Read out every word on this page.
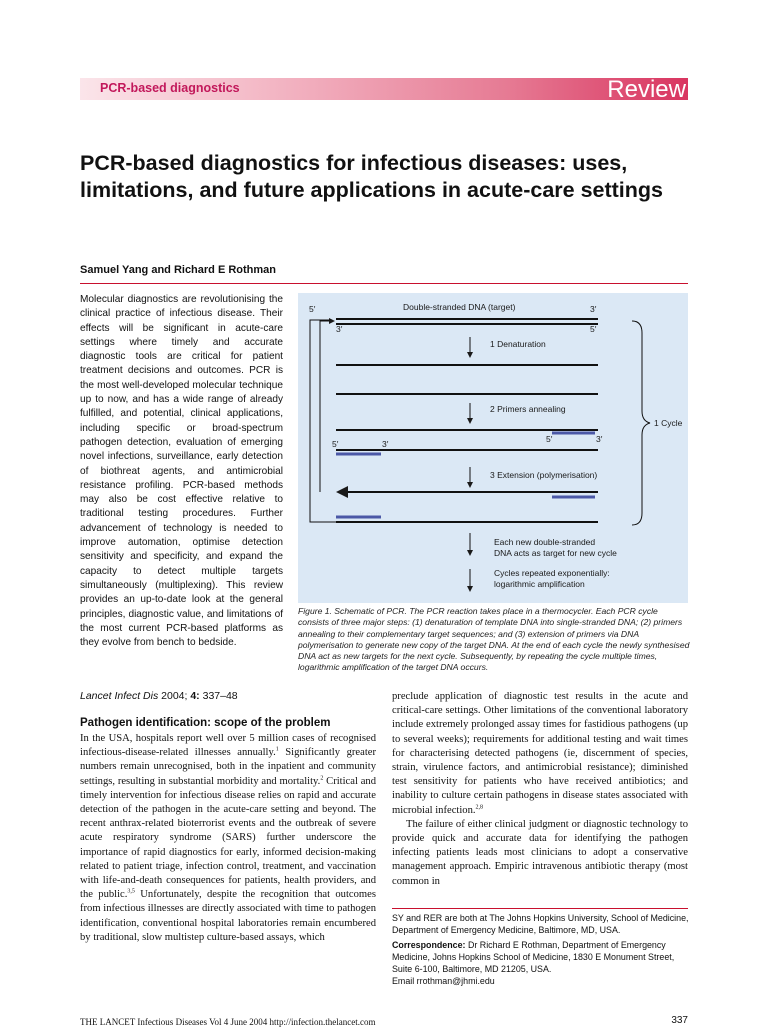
PCR-based diagnostics	Review
PCR-based diagnostics for infectious diseases: uses, limitations, and future applications in acute-care settings
Samuel Yang and Richard E Rothman

Molecular diagnostics are revolutionising the clinical practice of infectious disease. Their effects will be significant in acute-care settings where timely and accurate diagnostic tools are critical for patient treatment decisions and outcomes. PCR is the most well-developed molecular technique up to now, and has a wide range of already fulfilled, and potential, clinical applications, including specific or broad-spectrum pathogen detection, evaluation of emerging novel infections, surveillance, early detection of biothreat agents, and antimicrobial resistance profiling. PCR-based methods may also be cost effective relative to traditional testing procedures. Further advancement of technology is needed to improve automation, optimise detection sensitivity and specificity, and expand the capacity to detect multiple targets simultaneously (multiplexing). This review provides an up-to-date look at the general principles, diagnostic value, and limitations of the most current PCR-based platforms as they evolve from bench to bedside.

Lancet Infect Dis 2004; 4: 337–48
5′	Double-stranded DNA (target)	3′
3′	5′
1 Denaturation
2 Primers annealing
5′	3′
5′	3′
3 Extension (polymerisation)
1 Cycle
Each new double-stranded
DNA acts as target for new cycle
Cycles repeated exponentially:
logarithmic amplification

Figure 1. Schematic of PCR. The PCR reaction takes place in a thermocycler. Each PCR cycle consists of three major steps: (1) denaturation of template DNA into single-stranded DNA; (2) primers annealing to their complementary target sequences; and (3) extension of primers via DNA polymerisation to generate new copy of the target DNA. At the end of each cycle the newly synthesised DNA act as new targets for the next cycle. Subsequently, by repeating the cycle multiple times, logarithmic amplification of the target DNA occurs.

Pathogen identification: scope of the problem

In the USA, hospitals report well over 5 million cases of recognised infectious-disease-related illnesses annually.$^1$ Significantly greater numbers remain unrecognised, both in the inpatient and community settings, resulting in substantial morbidity and mortality.$^2$ Critical and timely intervention for infectious disease relies on rapid and accurate detection of the pathogen in the acute-care setting and beyond. The recent anthrax-related bioterrorist events and the outbreak of severe acute respiratory syndrome (SARS) further underscore the importance of rapid diagnostics for early, informed decision-making related to patient triage, infection control, treatment, and vaccination with life-and-death consequences for patients, health providers, and the public.$^{3,5}$ Unfortunately, despite the recognition that outcomes from infectious illnesses are directly associated with time to pathogen identification, conventional hospital laboratories remain encumbered by traditional, slow multistep culture-based assays, which

preclude application of diagnostic test results in the acute and critical-care settings. Other limitations of the conventional laboratory include extremely prolonged assay times for fastidious pathogens (up to several weeks); requirements for additional testing and wait times for characterising detected pathogens (ie, discernment of species, strain, virulence factors, and antimicrobial resistance); diminished test sensitivity for patients who have received antibiotics; and inability to culture certain pathogens in disease states associated with microbial infection.$^{2,8}$

The failure of either clinical judgment or diagnostic technology to provide quick and accurate data for identifying the pathogen infecting patients leads most clinicians to adopt a conservative management approach. Empiric intravenous antibiotic therapy (most common in

SY and RER are both at The Johns Hopkins University, School of Medicine, Department of Emergency Medicine, Baltimore, MD, USA.

Correspondence: Dr Richard E Rothman, Department of Emergency Medicine, Johns Hopkins School of Medicine, 1830 E Monument Street, Suite 6-100, Baltimore, MD 21205, USA.
Email rrothman@jhmi.edu

THE LANCET Infectious Diseases Vol 4 June 2004 http://infection.thelancet.com	337
